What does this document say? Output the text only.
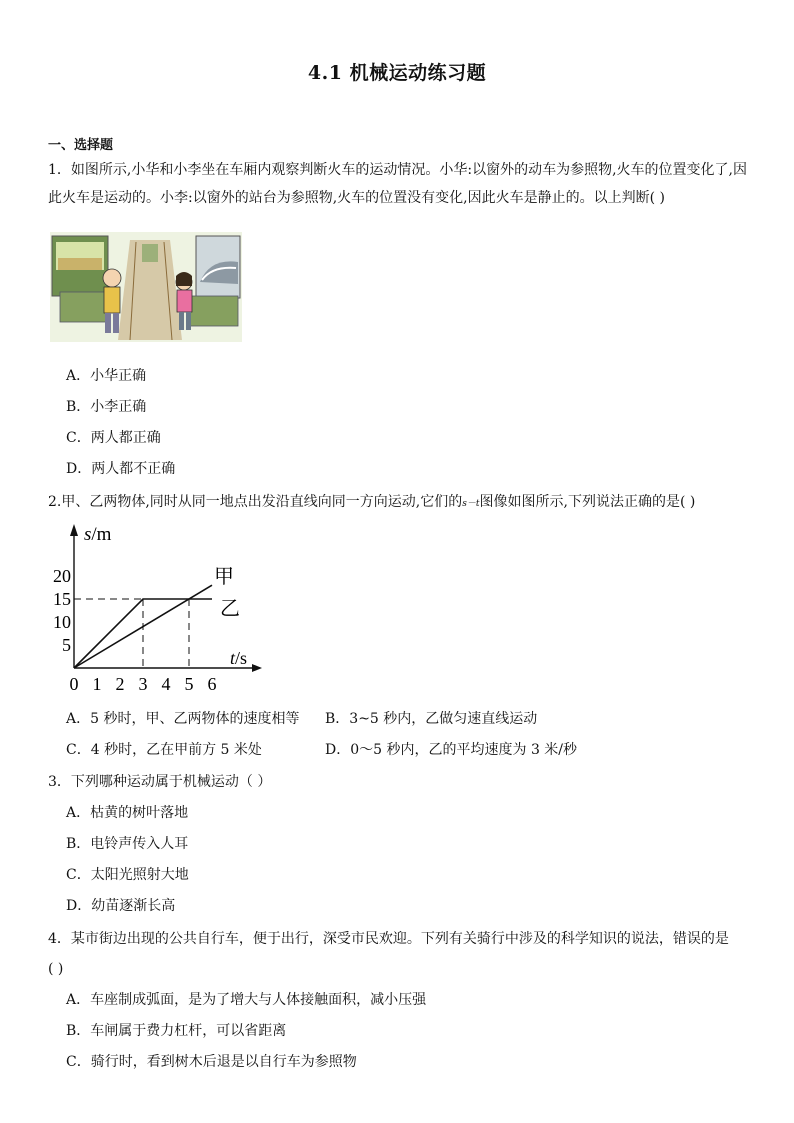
4.1 机械运动练习题
一、选择题
1．如图所示,小华和小李坐在车厢内观察判断火车的运动情况。小华:以窗外的动车为参照物,火车的位置变化了,因
此火车是运动的。小李:以窗外的站台为参照物,火车的位置没有变化,因此火车是静止的。以上判断( )
A．小华正确
B．小李正确
C．两人都正确
D．两人都不正确
2.甲、乙两物体,同时从同一地点出发沿直线向同一方向运动,它们的s－t图像如图所示,下列说法正确的是( )
s/m
t/s
0 1 2 3 4 5 6
5
10
15
20	甲
乙
A．5 秒时，甲、乙两物体的速度相等 B．3~5 秒内，乙做匀速直线运动
C．4 秒时，乙在甲前方 5 米处	D．0～5 秒内，乙的平均速度为 3 米/秒
3．下列哪种运动属于机械运动（ ）
A．枯黄的树叶落地
B．电铃声传入人耳
C．太阳光照射大地
D．幼苗逐渐长高
4．某市街边出现的公共自行车，便于出行，深受市民欢迎。下列有关骑行中涉及的科学知识的说法，错误的是
( )
A．车座制成弧面，是为了增大与人体接触面积，减小压强
B．车闸属于费力杠杆，可以省距离
C．骑行时，看到树木后退是以自行车为参照物
